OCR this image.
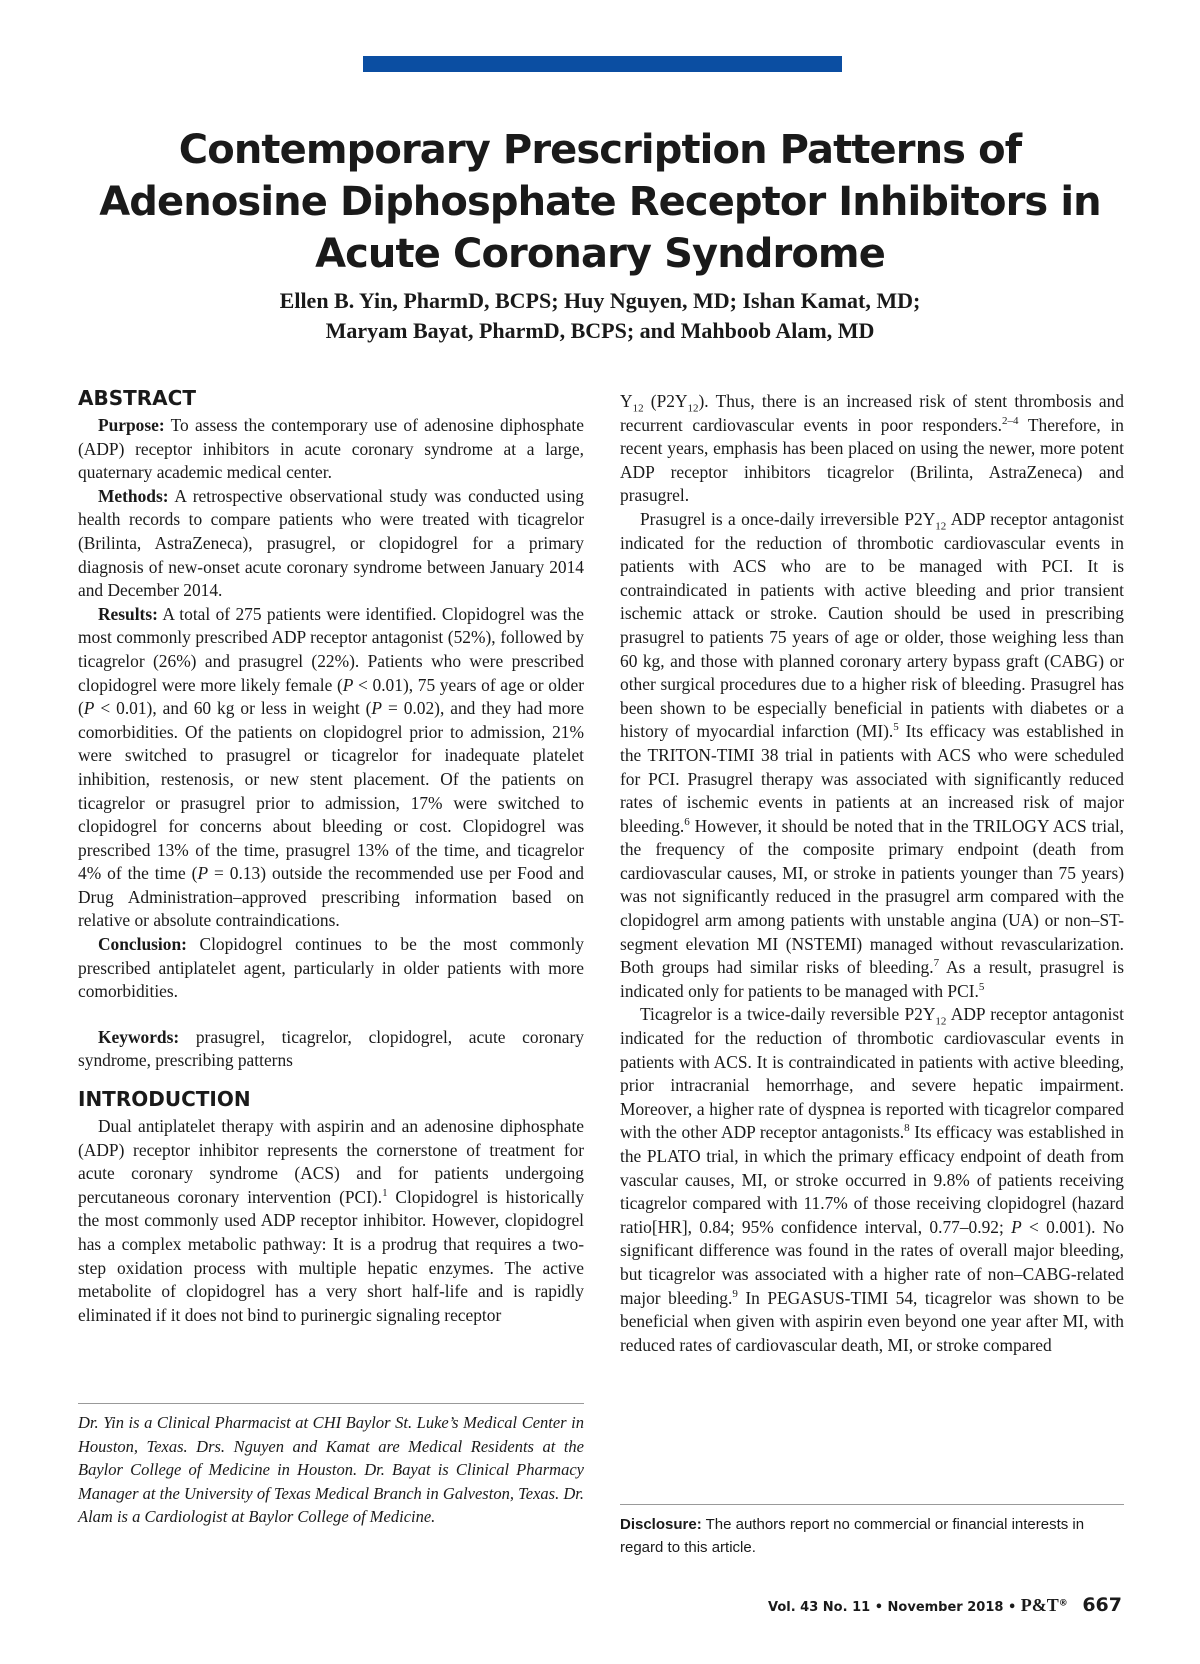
Contemporary Prescription Patterns of Adenosine Diphosphate Receptor Inhibitors in Acute Coronary Syndrome
Ellen B. Yin, PharmD, BCPS; Huy Nguyen, MD; Ishan Kamat, MD;
Maryam Bayat, PharmD, BCPS; and Mahboob Alam, MD
ABSTRACT

Purpose: To assess the contemporary use of adenosine diphosphate (ADP) receptor inhibitors in acute coronary syndrome at a large, quaternary academic medical center.

Methods: A retrospective observational study was conducted using health records to compare patients who were treated with ticagrelor (Brilinta, AstraZeneca), prasugrel, or clopidogrel for a primary diagnosis of new-onset acute coronary syndrome between January 2014 and December 2014.

Results: A total of 275 patients were identified. Clopidogrel was the most commonly prescribed ADP receptor antagonist (52%), followed by ticagrelor (26%) and prasugrel (22%). Patients who were prescribed clopidogrel were more likely female (P < 0.01), 75 years of age or older (P < 0.01), and 60 kg or less in weight (P = 0.02), and they had more comorbidities. Of the patients on clopidogrel prior to admission, 21% were switched to prasugrel or ticagrelor for inadequate platelet inhibition, restenosis, or new stent placement. Of the patients on ticagrelor or prasugrel prior to admission, 17% were switched to clopidogrel for concerns about bleeding or cost. Clopidogrel was prescribed 13% of the time, prasugrel 13% of the time, and ticagrelor 4% of the time (P = 0.13) outside the recommended use per Food and Drug Administration–approved prescribing information based on relative or absolute contraindications.

Conclusion: Clopidogrel continues to be the most commonly prescribed antiplatelet agent, particularly in older patients with more comorbidities.

Keywords: prasugrel, ticagrelor, clopidogrel, acute coronary syndrome, prescribing patterns

INTRODUCTION

Dual antiplatelet therapy with aspirin and an adenosine diphosphate (ADP) receptor inhibitor represents the cornerstone of treatment for acute coronary syndrome (ACS) and for patients undergoing percutaneous coronary intervention (PCI).$^1$ Clopidogrel is historically the most commonly used ADP receptor inhibitor. However, clopidogrel has a complex metabolic pathway: It is a prodrug that requires a two-step oxidation process with multiple hepatic enzymes. The active metabolite of clopidogrel has a very short half-life and is rapidly eliminated if it does not bind to purinergic signaling receptor

Dr. Yin is a Clinical Pharmacist at CHI Baylor St. Luke’s Medical Center in Houston, Texas. Drs. Nguyen and Kamat are Medical Residents at the Baylor College of Medicine in Houston. Dr. Bayat is Clinical Pharmacy Manager at the University of Texas Medical Branch in Galveston, Texas. Dr. Alam is a Cardiologist at Baylor College of Medicine.

$Y_{12}$ $(P2Y_{12})$. Thus, there is an increased risk of stent thrombosis and recurrent cardiovascular events in poor responders.$^{2-4}$ Therefore, in recent years, emphasis has been placed on using the newer, more potent ADP receptor inhibitors ticagrelor (Brilinta, AstraZeneca) and prasugrel.

Prasugrel is a once-daily irreversible $P2Y_{12}$ ADP receptor antagonist indicated for the reduction of thrombotic cardiovascular events in patients with ACS who are to be managed with PCI. It is contraindicated in patients with active bleeding and prior transient ischemic attack or stroke. Caution should be used in prescribing prasugrel to patients 75 years of age or older, those weighing less than 60 kg, and those with planned coronary artery bypass graft (CABG) or other surgical procedures due to a higher risk of bleeding. Prasugrel has been shown to be especially beneficial in patients with diabetes or a history of myocardial infarction (MI).$^5$ Its efficacy was established in the TRITON-TIMI 38 trial in patients with ACS who were scheduled for PCI. Prasugrel therapy was associated with significantly reduced rates of ischemic events in patients at an increased risk of major bleeding.$^6$ However, it should be noted that in the TRILOGY ACS trial, the frequency of the composite primary endpoint (death from cardiovascular causes, MI, or stroke in patients younger than 75 years) was not significantly reduced in the prasugrel arm compared with the clopidogrel arm among patients with unstable angina (UA) or non–ST-segment elevation MI (NSTEMI) managed without revascularization. Both groups had similar risks of bleeding.$^7$ As a result, prasugrel is indicated only for patients to be managed with PCI.$^5$

Ticagrelor is a twice-daily reversible $P2Y_{12}$ ADP receptor antagonist indicated for the reduction of thrombotic cardiovascular events in patients with ACS. It is contraindicated in patients with active bleeding, prior intracranial hemorrhage, and severe hepatic impairment. Moreover, a higher rate of dyspnea is reported with ticagrelor compared with the other ADP receptor antagonists.$^8$ Its efficacy was established in the PLATO trial, in which the primary efficacy endpoint of death from vascular causes, MI, or stroke occurred in 9.8% of patients receiving ticagrelor compared with 11.7% of those receiving clopidogrel (hazard ratio[HR], 0.84; 95% confidence interval, 0.77–0.92; P < 0.001). No significant difference was found in the rates of overall major bleeding, but ticagrelor was associated with a higher rate of non–CABG-related major bleeding.$^9$ In PEGASUS-TIMI 54, ticagrelor was shown to be beneficial when given with aspirin even beyond one year after MI, with reduced rates of cardiovascular death, MI, or stroke compared

Disclosure: The authors report no commercial or financial interests in regard to this article.

Vol. 43 No. 11 • November 2018 • P&T® 667
